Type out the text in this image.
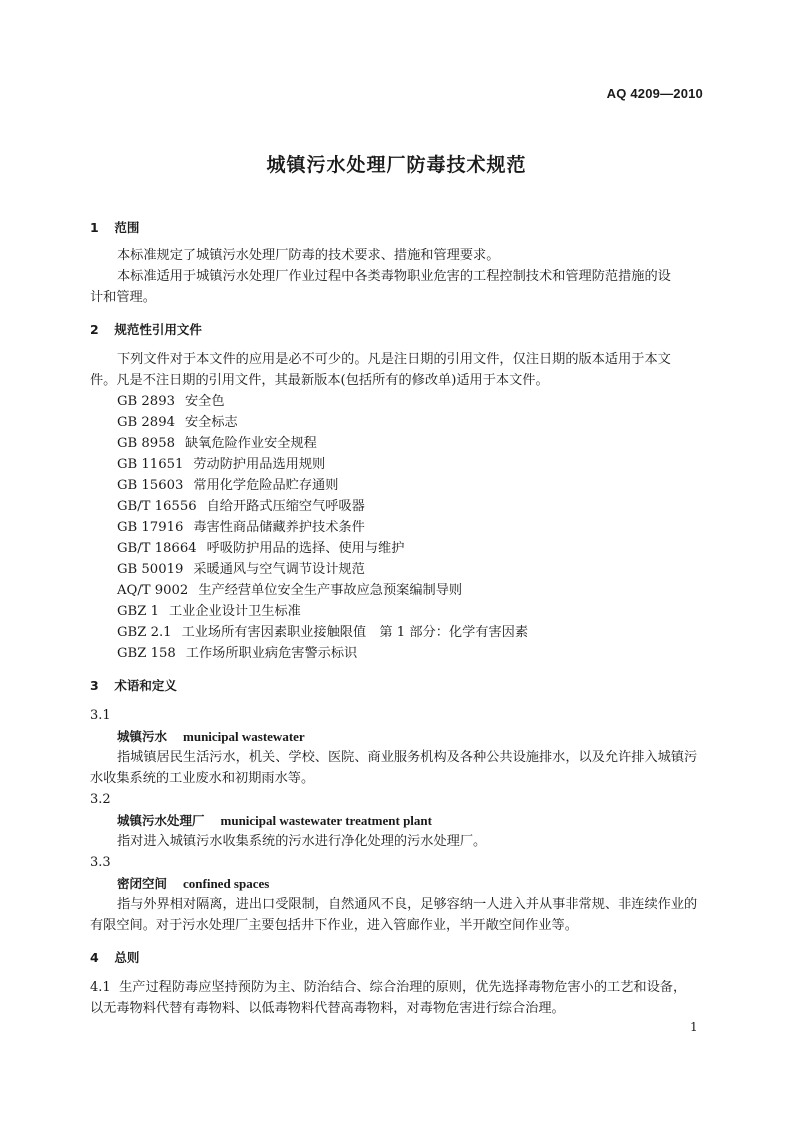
AQ 4209—2010
城镇污水处理厂防毒技术规范
1 范围
本标准规定了城镇污水处理厂防毒的技术要求、措施和管理要求。
本标准适用于城镇污水处理厂作业过程中各类毒物职业危害的工程控制技术和管理防范措施的设
计和管理。
2 规范性引用文件
下列文件对于本文件的应用是必不可少的。凡是注日期的引用文件，仅注日期的版本适用于本文
件。凡是不注日期的引用文件，其最新版本(包括所有的修改单)适用于本文件。
GB 2893 安全色
GB 2894 安全标志
GB 8958 缺氧危险作业安全规程
GB 11651 劳动防护用品选用规则
GB 15603 常用化学危险品贮存通则
GB/T 16556 自给开路式压缩空气呼吸器
GB 17916 毒害性商品储藏养护技术条件
GB/T 18664 呼吸防护用品的选择、使用与维护
GB 50019 采暖通风与空气调节设计规范
AQ/T 9002 生产经营单位安全生产事故应急预案编制导则
GBZ 1 工业企业设计卫生标准
GBZ 2.1 工业场所有害因素职业接触限值　第 1 部分：化学有害因素
GBZ 158 工作场所职业病危害警示标识
3 术语和定义
3.1
城镇污水 municipal wastewater
指城镇居民生活污水，机关、学校、医院、商业服务机构及各种公共设施排水，以及允许排入城镇污
水收集系统的工业废水和初期雨水等。
3.2
城镇污水处理厂 municipal wastewater treatment plant
指对进入城镇污水收集系统的污水进行净化处理的污水处理厂。
3.3
密闭空间 confined spaces
指与外界相对隔离，进出口受限制，自然通风不良，足够容纳一人进入并从事非常规、非连续作业的
有限空间。对于污水处理厂主要包括井下作业，进入管廊作业，半开敞空间作业等。
4 总则
4.1 生产过程防毒应坚持预防为主、防治结合、综合治理的原则，优先选择毒物危害小的工艺和设备，
以无毒物料代替有毒物料、以低毒物料代替高毒物料，对毒物危害进行综合治理。
1
